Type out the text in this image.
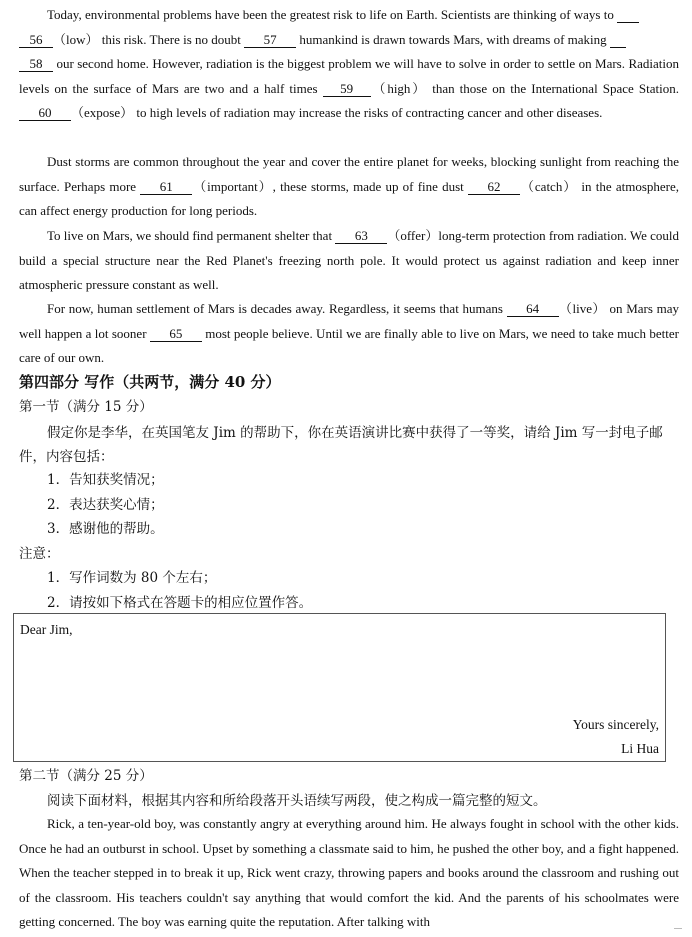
Today, environmental problems have been the greatest risk to life on Earth. Scientists are thinking of ways to
56 （low） this risk. There is no doubt 57 humankind is drawn towards Mars, with dreams of making
58 our second home. However, radiation is the biggest problem we will have to solve in order to settle on Mars. Radiation levels on the surface of Mars are two and a half times 59 （high） than those on the International Space Station. 60 （expose） to high levels of radiation may increase the risks of contracting cancer and other diseases.
Dust storms are common throughout the year and cover the entire planet for weeks, blocking sunlight from reaching the surface. Perhaps more 61 （important）, these storms, made up of fine dust 62 （catch） in the atmosphere, can affect energy production for long periods.
To live on Mars, we should find permanent shelter that 63 （offer）long-term protection from radiation. We could build a special structure near the Red Planet's freezing north pole. It would protect us against radiation and keep inner atmospheric pressure constant as well.
For now, human settlement of Mars is decades away. Regardless, it seems that humans 64 （live） on Mars may well happen a lot sooner 65 most people believe. Until we are finally able to live on Mars, we need to take much better care of our own.
第四部分 写作（共两节，满分 40 分）
第一节（满分 15 分）
假定你是李华，在英国笔友 Jim 的帮助下，你在英语演讲比赛中获得了一等奖，请给 Jim 写一封电子邮件，内容包括：
1．告知获奖情况；
2．表达获奖心情；
3．感谢他的帮助。
注意：
1．写作词数为 80 个左右；
2．请按如下格式在答题卡的相应位置作答。
Dear Jim,
Yours sincerely,
Li Hua
第二节（满分 25 分）
阅读下面材料，根据其内容和所给段落开头语续写两段，使之构成一篇完整的短文。
Rick, a ten-year-old boy, was constantly angry at everything around him. He always fought in school with the other kids. Once he had an outburst in school. Upset by something a classmate said to him, he pushed the other boy, and a fight happened. When the teacher stepped in to break it up, Rick went crazy, throwing papers and books around the classroom and rushing out of the classroom. His teachers couldn't say anything that would comfort the kid. And the parents of his schoolmates were getting concerned. The boy was earning quite the reputation. After talking with
